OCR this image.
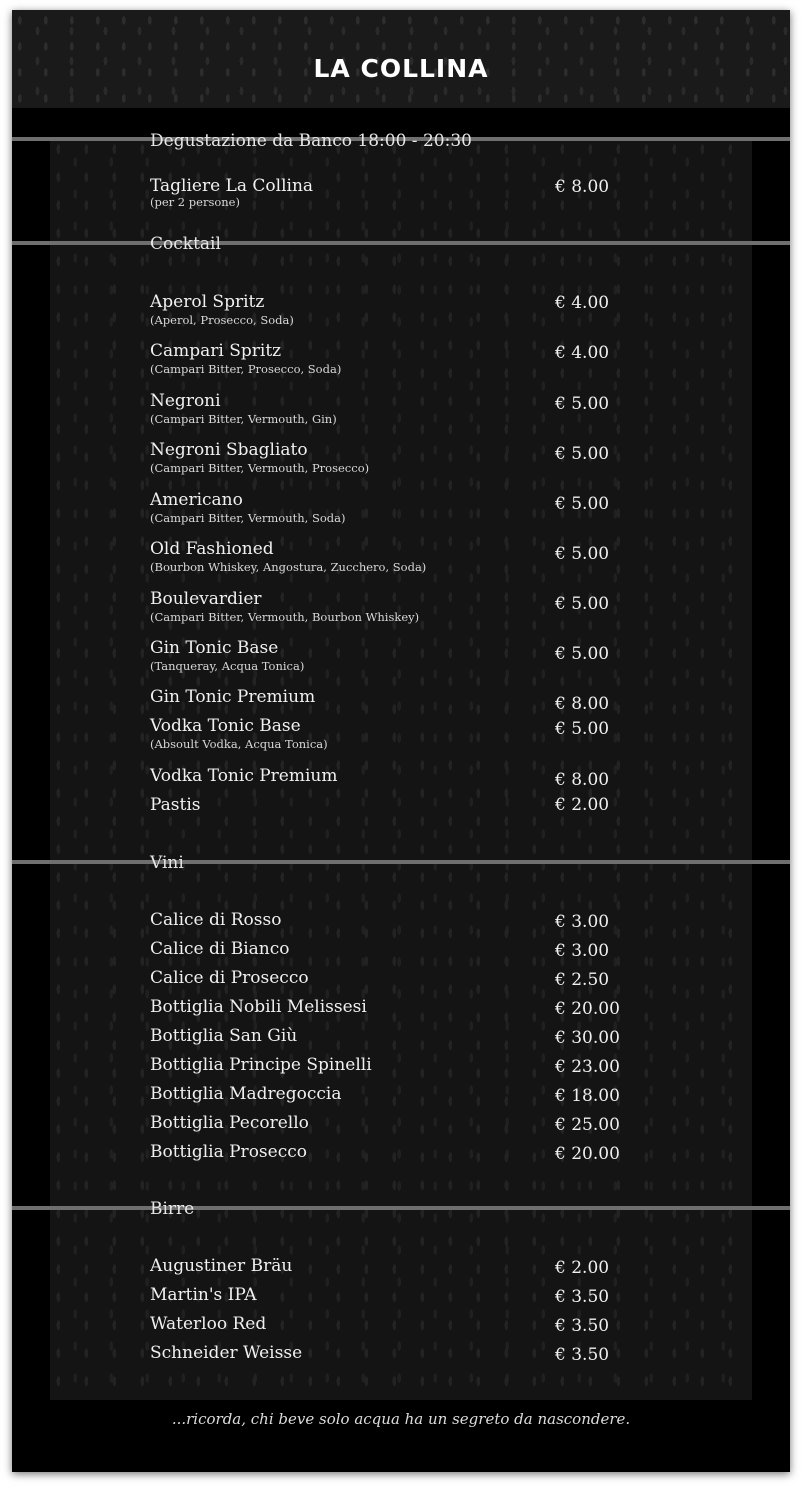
LA COLLINA
Degustazione da Banco 18:00 - 20:30
Tagliere La Collina
(per 2 persone)
€ 8.00
Cocktail
Aperol Spritz
(Aperol, Prosecco, Soda)
€ 4.00
Campari Spritz
(Campari Bitter, Prosecco, Soda)
€ 4.00
Negroni
(Campari Bitter, Vermouth, Gin)
€ 5.00
Negroni Sbagliato
(Campari Bitter, Vermouth, Prosecco)
€ 5.00
Americano
(Campari Bitter, Vermouth, Soda)
€ 5.00
Old Fashioned
(Bourbon Whiskey, Angostura, Zucchero, Soda)
€ 5.00
Boulevardier
(Campari Bitter, Vermouth, Bourbon Whiskey)
€ 5.00
Gin Tonic Base
(Tanqueray, Acqua Tonica)
€ 5.00
Gin Tonic Premium	€ 8.00
Vodka Tonic Base
(Absoult Vodka, Acqua Tonica)
€ 5.00
Vodka Tonic Premium	€ 8.00
Pastis	€ 2.00
Vini
Calice di Rosso	€ 3.00
Calice di Bianco	€ 3.00
Calice di Prosecco	€ 2.50
Bottiglia Nobili Melissesi	€ 20.00
Bottiglia San Giù	€ 30.00
Bottiglia Principe Spinelli	€ 23.00
Bottiglia Madregoccia	€ 18.00
Bottiglia Pecorello	€ 25.00
Bottiglia Prosecco	€ 20.00
Birre
Augustiner Bräu	€ 2.00
Martin's IPA	€ 3.50
Waterloo Red	€ 3.50
Schneider Weisse	€ 3.50
...ricorda, chi beve solo acqua ha un segreto da nascondere.
